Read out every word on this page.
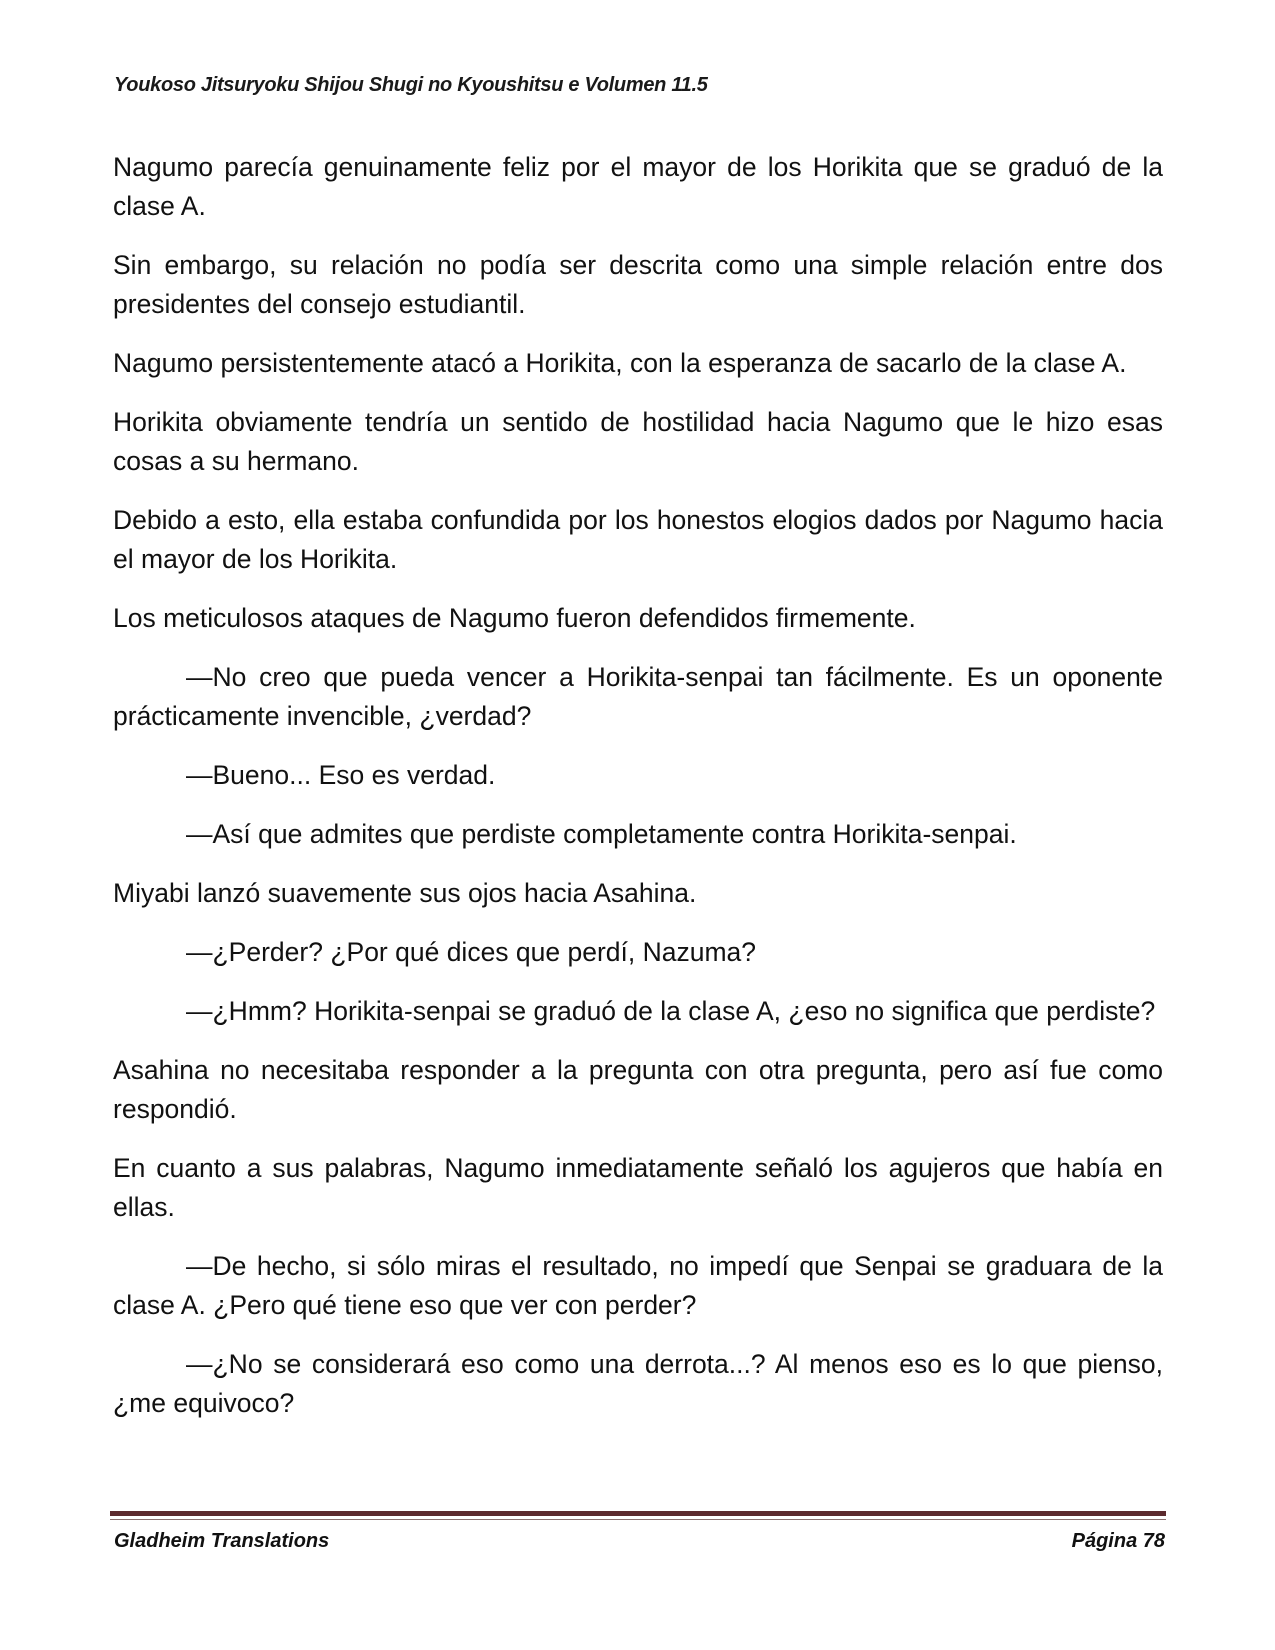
Youkoso Jitsuryoku Shijou Shugi no Kyoushitsu e Volumen 11.5

Nagumo parecía genuinamente feliz por el mayor de los Horikita que se graduó de la clase A.

Sin embargo, su relación no podía ser descrita como una simple relación entre dos presidentes del consejo estudiantil.

Nagumo persistentemente atacó a Horikita, con la esperanza de sacarlo de la clase A.

Horikita obviamente tendría un sentido de hostilidad hacia Nagumo que le hizo esas cosas a su hermano.

Debido a esto, ella estaba confundida por los honestos elogios dados por Nagumo hacia el mayor de los Horikita.

Los meticulosos ataques de Nagumo fueron defendidos firmemente.

—No creo que pueda vencer a Horikita-senpai tan fácilmente. Es un oponente prácticamente invencible, ¿verdad?

—Bueno... Eso es verdad.

—Así que admites que perdiste completamente contra Horikita-senpai.

Miyabi lanzó suavemente sus ojos hacia Asahina.

—¿Perder? ¿Por qué dices que perdí, Nazuma?

—¿Hmm? Horikita-senpai se graduó de la clase A, ¿eso no significa que perdiste?

Asahina no necesitaba responder a la pregunta con otra pregunta, pero así fue como respondió.

En cuanto a sus palabras, Nagumo inmediatamente señaló los agujeros que había en ellas.

—De hecho, si sólo miras el resultado, no impedí que Senpai se graduara de la clase A. ¿Pero qué tiene eso que ver con perder?

—¿No se considerará eso como una derrota...? Al menos eso es lo que pienso, ¿me equivoco?

Gladheim Translations	Página 78
